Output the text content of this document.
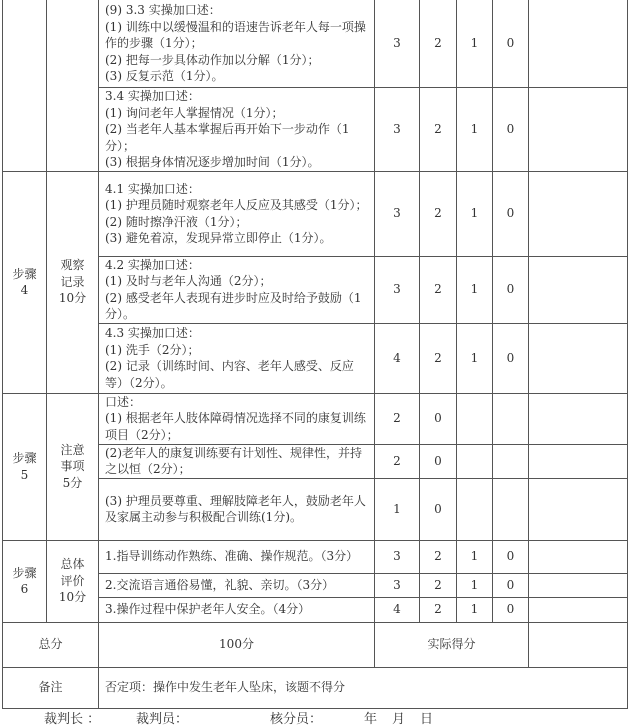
		(9) 3.3 实操加口述：
(1) 训练中以缓慢温和的语速告诉老年人每一项操作的步骤（1分）；
(2) 把每一步具体动作加以分解（1分）；
(3) 反复示范（1分）。	3	2	1	0	

		3.4 实操加口述：
(1) 询问老年人掌握情况（1分）；
(2) 当老年人基本掌握后再开始下一步动作（1分）；
(3) 根据身体情况逐步增加时间（1分）。	3	2	1	0	

步骤
4	观察
记录
10分	4.1 实操加口述：
(1) 护理员随时观察老年人反应及其感受（1分）；
(2) 随时擦净汗液（1分）；
(3) 避免着凉，发现异常立即停止（1分）。	3	2	1	0	

		4.2 实操加口述：
(1) 及时与老年人沟通（2分）；
(2) 感受老年人表现有进步时应及时给予鼓励（1分）。	3	2	1	0	

		4.3 实操加口述：
(1) 洗手（2分）；
(2) 记录（训练时间、内容、老年人感受、反应等）（2分）。	4	2	1	0	

步骤
5	注意
事项
5分	口述：
(1) 根据老年人肢体障碍情况选择不同的康复训练项目（2分）；	2	0			

		(2)老年人的康复训练要有计划性、规律性，并持之以恒（2分）；	2	0			

		(3) 护理员要尊重、理解肢障老年人，鼓励老年人及家属主动参与积极配合训练(1分)。	1	0			

步骤
6	总体
评价
10分	1.指导训练动作熟练、准确、操作规范。（3分）	3	2	1	0	

		2.交流语言通俗易懂，礼貌、亲切。（3分）	3	2	1	0	

		3.操作过程中保护老年人安全。（4分）	4	2	1	0	
总分		100分	实际得分				
备注		否定项：操作中发生老年人坠床，该题不得分					
裁判长 ：	裁判员：	核分员：	年 月 日
